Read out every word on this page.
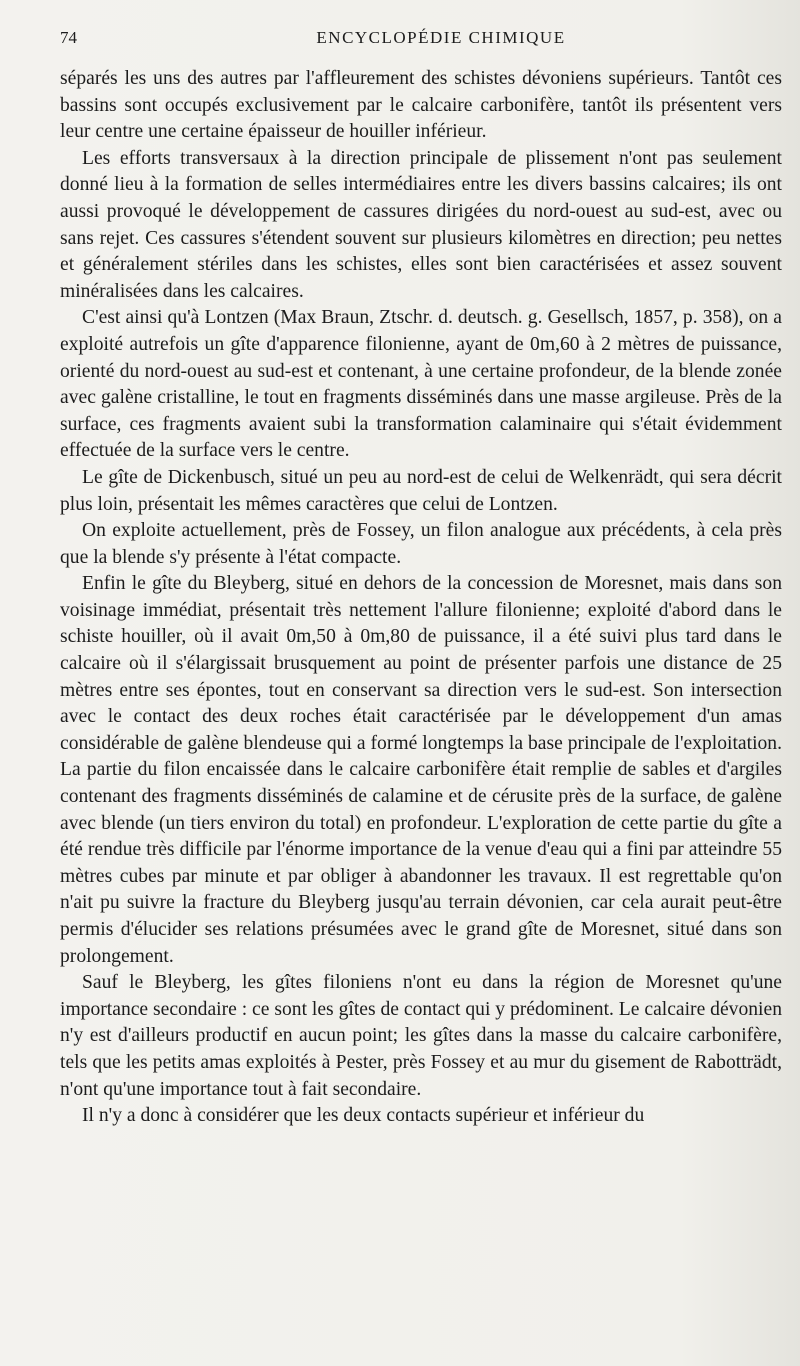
74	ENCYCLOPÉDIE CHIMIQUE

séparés les uns des autres par l'affleurement des schistes dévoniens supérieurs. Tantôt ces bassins sont occupés exclusivement par le calcaire carbonifère, tantôt ils présentent vers leur centre une certaine épaisseur de houiller inférieur.

Les efforts transversaux à la direction principale de plissement n'ont pas seulement donné lieu à la formation de selles intermédiaires entre les divers bassins calcaires; ils ont aussi provoqué le développement de cassures dirigées du nord-ouest au sud-est, avec ou sans rejet. Ces cassures s'étendent souvent sur plusieurs kilomètres en direction; peu nettes et généralement stériles dans les schistes, elles sont bien caractérisées et assez souvent minéralisées dans les calcaires.

C'est ainsi qu'à Lontzen (Max Braun, Ztschr. d. deutsch. g. Gesellsch, 1857, p. 358), on a exploité autrefois un gîte d'apparence filonienne, ayant de 0m,60 à 2 mètres de puissance, orienté du nord-ouest au sud-est et contenant, à une certaine profondeur, de la blende zonée avec galène cristalline, le tout en fragments disséminés dans une masse argileuse. Près de la surface, ces fragments avaient subi la transformation calaminaire qui s'était évidemment effectuée de la surface vers le centre.

Le gîte de Dickenbusch, situé un peu au nord-est de celui de Welkenrädt, qui sera décrit plus loin, présentait les mêmes caractères que celui de Lontzen.

On exploite actuellement, près de Fossey, un filon analogue aux précédents, à cela près que la blende s'y présente à l'état compacte.

Enfin le gîte du Bleyberg, situé en dehors de la concession de Moresnet, mais dans son voisinage immédiat, présentait très nettement l'allure filonienne; exploité d'abord dans le schiste houiller, où il avait 0m,50 à 0m,80 de puissance, il a été suivi plus tard dans le calcaire où il s'élargissait brusquement au point de présenter parfois une distance de 25 mètres entre ses épontes, tout en conservant sa direction vers le sud-est. Son intersection avec le contact des deux roches était caractérisée par le développement d'un amas considérable de galène blendeuse qui a formé longtemps la base principale de l'exploitation. La partie du filon encaissée dans le calcaire carbonifère était remplie de sables et d'argiles contenant des fragments disséminés de calamine et de cérusite près de la surface, de galène avec blende (un tiers environ du total) en profondeur. L'exploration de cette partie du gîte a été rendue très difficile par l'énorme importance de la venue d'eau qui a fini par atteindre 55 mètres cubes par minute et par obliger à abandonner les travaux. Il est regrettable qu'on n'ait pu suivre la fracture du Bleyberg jusqu'au terrain dévonien, car cela aurait peut-être permis d'élucider ses relations présumées avec le grand gîte de Moresnet, situé dans son prolongement.

Sauf le Bleyberg, les gîtes filoniens n'ont eu dans la région de Moresnet qu'une importance secondaire : ce sont les gîtes de contact qui y prédominent. Le calcaire dévonien n'y est d'ailleurs productif en aucun point; les gîtes dans la masse du calcaire carbonifère, tels que les petits amas exploités à Pester, près Fossey et au mur du gisement de Rabotträdt, n'ont qu'une importance tout à fait secondaire.

Il n'y a donc à considérer que les deux contacts supérieur et inférieur du
